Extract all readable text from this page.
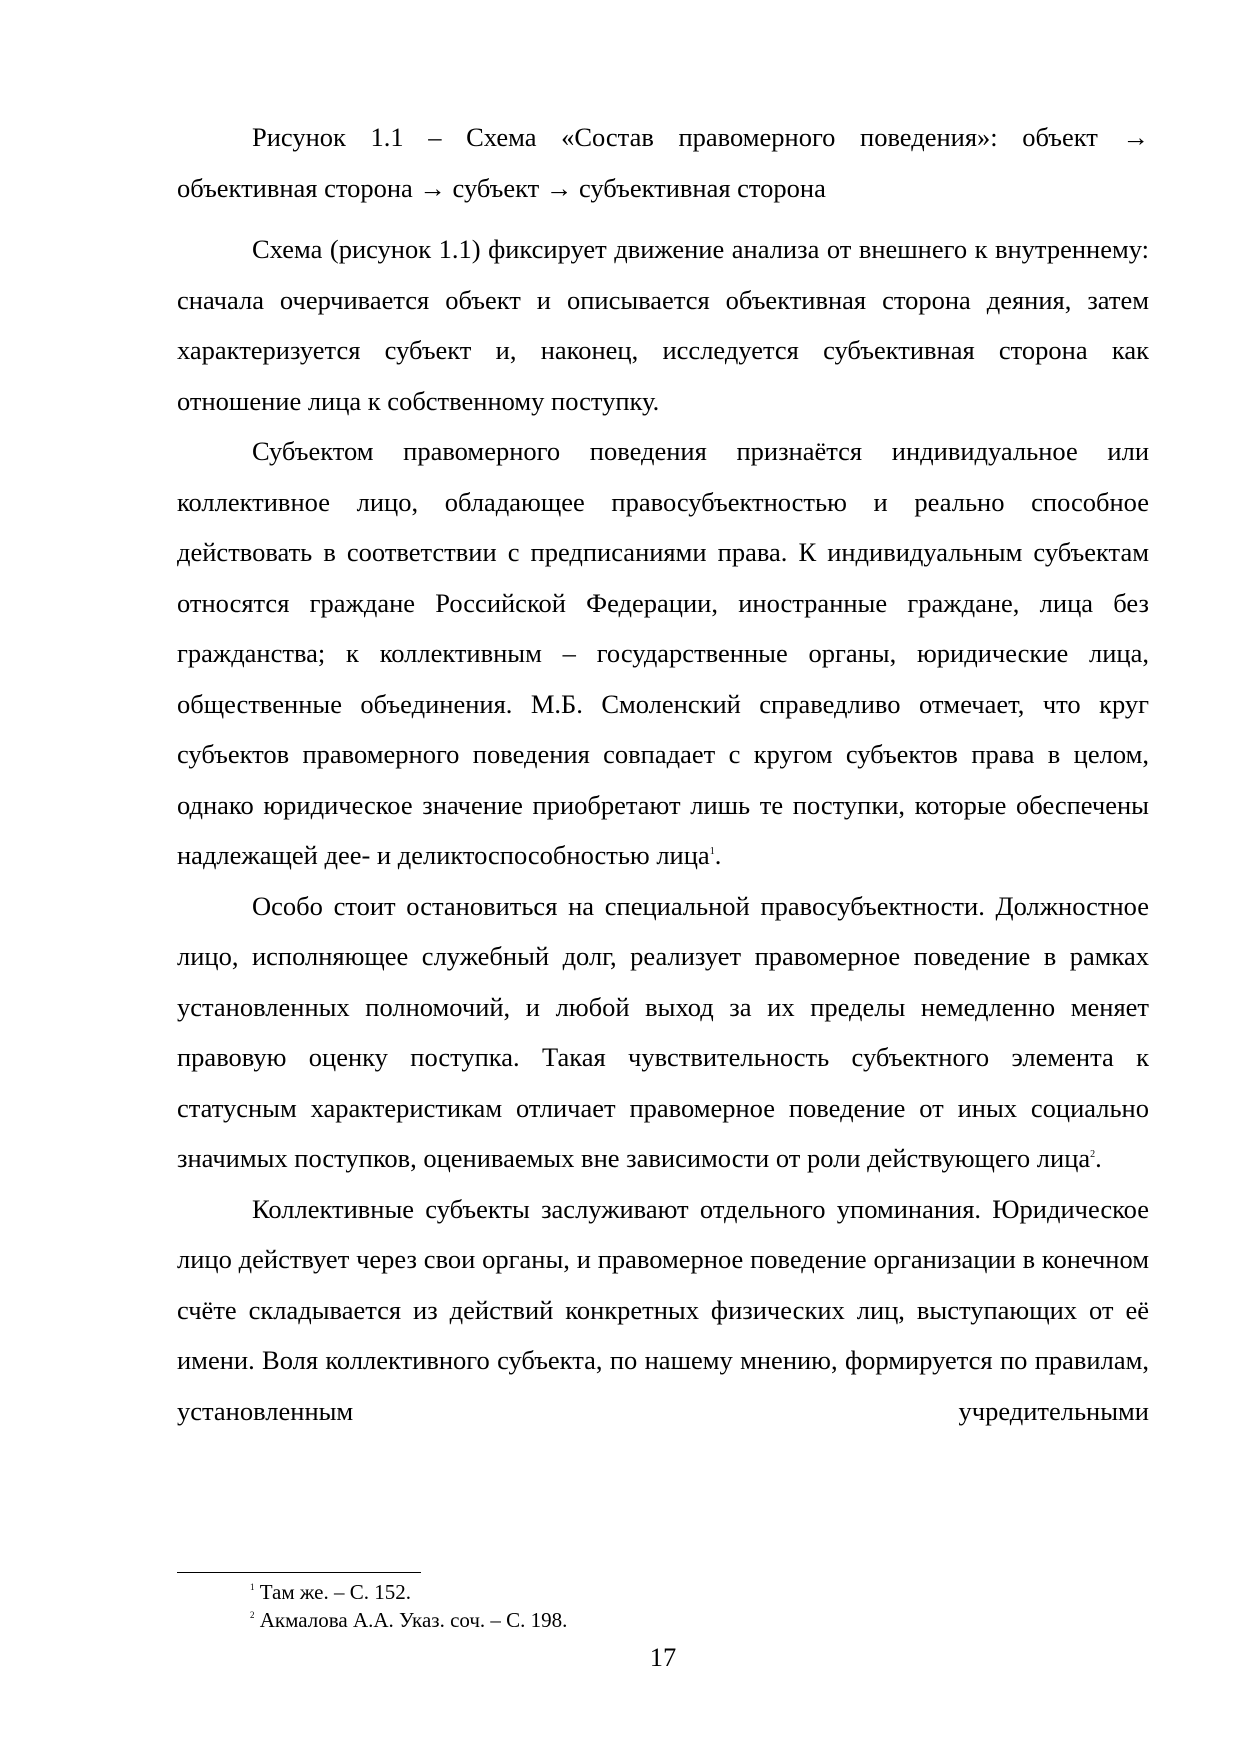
Рисунок 1.1 – Схема «Состав правомерного поведения»: объект → объективная сторона → субъект → субъективная сторона

Схема (рисунок 1.1) фиксирует движение анализа от внешнего к внутреннему: сначала очерчивается объект и описывается объективная сторона деяния, затем характеризуется субъект и, наконец, исследуется субъективная сторона как отношение лица к собственному поступку.

Субъектом правомерного поведения признаётся индивидуальное или коллективное лицо, обладающее правосубъектностью и реально способное действовать в соответствии с предписаниями права. К индивидуальным субъектам относятся граждане Российской Федерации, иностранные граждане, лица без гражданства; к коллективным – государственные органы, юридические лица, общественные объединения. М.Б. Смоленский справедливо отмечает, что круг субъектов правомерного поведения совпадает с кругом субъектов права в целом, однако юридическое значение приобретают лишь те поступки, которые обеспечены надлежащей дее- и деликтоспособностью лица$^1$.

Особо стоит остановиться на специальной правосубъектности. Должностное лицо, исполняющее служебный долг, реализует правомерное поведение в рамках установленных полномочий, и любой выход за их пределы немедленно меняет правовую оценку поступка. Такая чувствительность субъектного элемента к статусным характеристикам отличает правомерное поведение от иных социально значимых поступков, оцениваемых вне зависимости от роли действующего лица$^2$.

Коллективные субъекты заслуживают отдельного упоминания. Юридическое лицо действует через свои органы, и правомерное поведение организации в конечном счёте складывается из действий конкретных физических лиц, выступающих от её имени. Воля коллективного субъекта, по нашему мнению, формируется по правилам, установленным учредительными

$^1$ Там же. – С. 152.

$^2$ Акмалова А.А. Указ. соч. – С. 198.

17
